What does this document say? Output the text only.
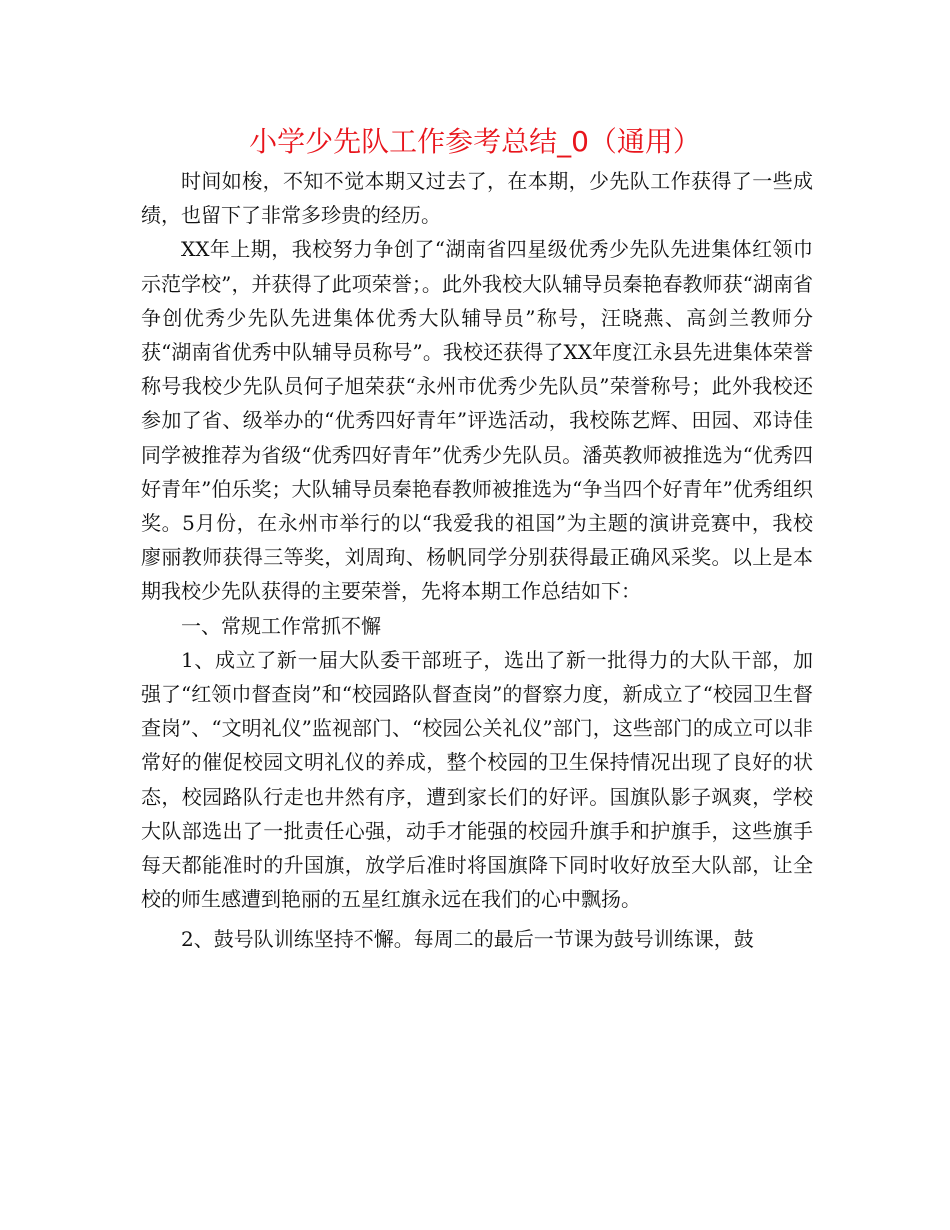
小学少先队工作参考总结_0（通用）

时间如梭，不知不觉本期又过去了，在本期，少先队工作获得了一些成绩，也留下了非常多珍贵的经历。

XX年上期，我校努力争创了“湖南省四星级优秀少先队先进集体红领巾示范学校”，并获得了此项荣誉；。此外我校大队辅导员秦艳春教师获“湖南省争创优秀少先队先进集体优秀大队辅导员”称号，汪晓燕、高剑兰教师分获“湖南省优秀中队辅导员称号”。我校还获得了XX年度江永县先进集体荣誉称号我校少先队员何子旭荣获“永州市优秀少先队员”荣誉称号；此外我校还参加了省、级举办的“优秀四好青年”评选活动，我校陈艺辉、田园、邓诗佳同学被推荐为省级“优秀四好青年”优秀少先队员。潘英教师被推选为“优秀四好青年”伯乐奖；大队辅导员秦艳春教师被推选为“争当四个好青年”优秀组织奖。5月份，在永州市举行的以“我爱我的祖国”为主题的演讲竞赛中，我校廖丽教师获得三等奖，刘周珣、杨帆同学分别获得最正确风采奖。以上是本期我校少先队获得的主要荣誉，先将本期工作总结如下：

一、常规工作常抓不懈

1、成立了新一届大队委干部班子，选出了新一批得力的大队干部，加强了“红领巾督查岗”和“校园路队督查岗”的督察力度，新成立了“校园卫生督查岗”、“文明礼仪”监视部门、“校园公关礼仪”部门，这些部门的成立可以非常好的催促校园文明礼仪的养成，整个校园的卫生保持情况出现了良好的状态，校园路队行走也井然有序，遭到家长们的好评。国旗队影子飒爽，学校大队部选出了一批责任心强，动手才能强的校园升旗手和护旗手，这些旗手每天都能准时的升国旗，放学后准时将国旗降下同时收好放至大队部，让全校的师生感遭到艳丽的五星红旗永远在我们的心中飘扬。

2、鼓号队训练坚持不懈。每周二的最后一节课为鼓号训练课，鼓
